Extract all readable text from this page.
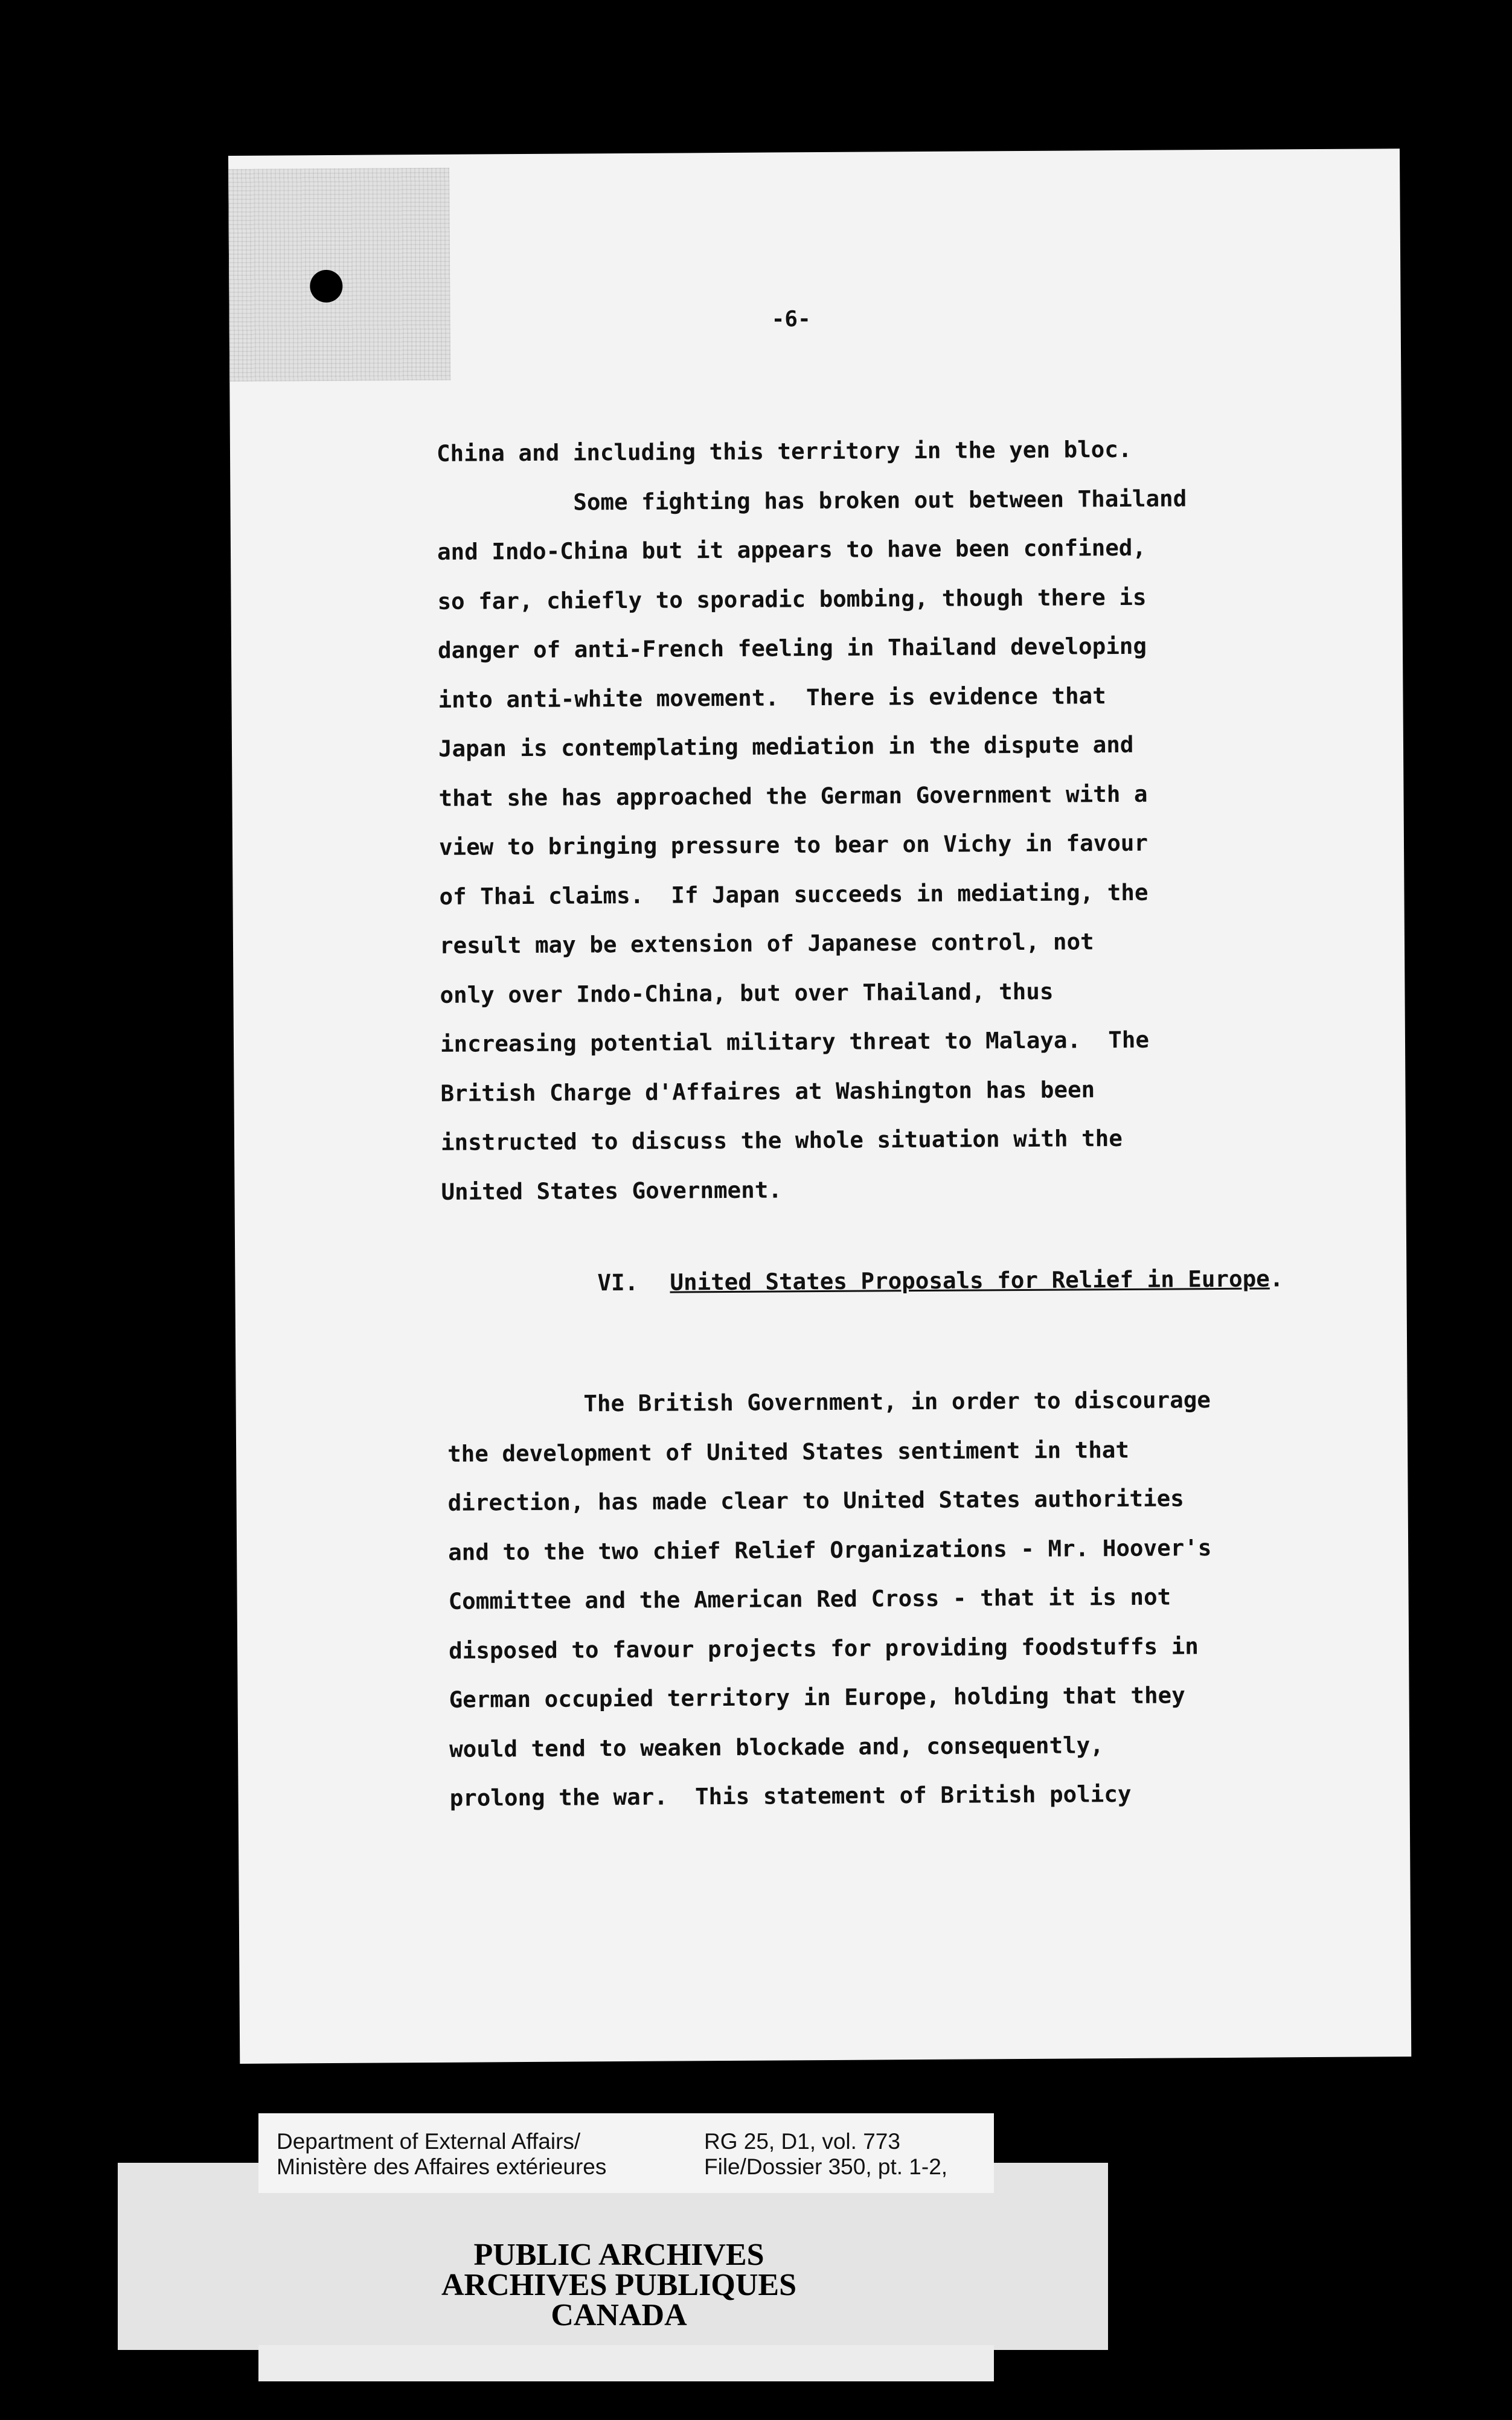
-6-
China and including this territory in the yen bloc.
Some fighting has broken out between Thailand
and Indo-China but it appears to have been confined,
so far, chiefly to sporadic bombing, though there is
danger of anti-French feeling in Thailand developing
into anti-white movement.  There is evidence that
Japan is contemplating mediation in the dispute and
that she has approached the German Government with a
view to bringing pressure to bear on Vichy in favour
of Thai claims.  If Japan succeeds in mediating, the
result may be extension of Japanese control, not
only over Indo-China, but over Thailand, thus
increasing potential military threat to Malaya.  The
British Charge d'Affaires at Washington has been
instructed to discuss the whole situation with the
United States Government.
VI.	United States Proposals for Relief in Europe.
The British Government, in order to discourage
the development of United States sentiment in that
direction, has made clear to United States authorities
and to the two chief Relief Organizations - Mr. Hoover's
Committee and the American Red Cross - that it is not
disposed to favour projects for providing foodstuffs in
German occupied territory in Europe, holding that they
would tend to weaken blockade and, consequently,
prolong the war.  This statement of British policy
Department of External Affairs/
Ministère des Affaires extérieures
RG 25, D1, vol. 773
File/Dossier 350, pt. 1-2,
PUBLIC ARCHIVES
ARCHIVES PUBLIQUES
CANADA
